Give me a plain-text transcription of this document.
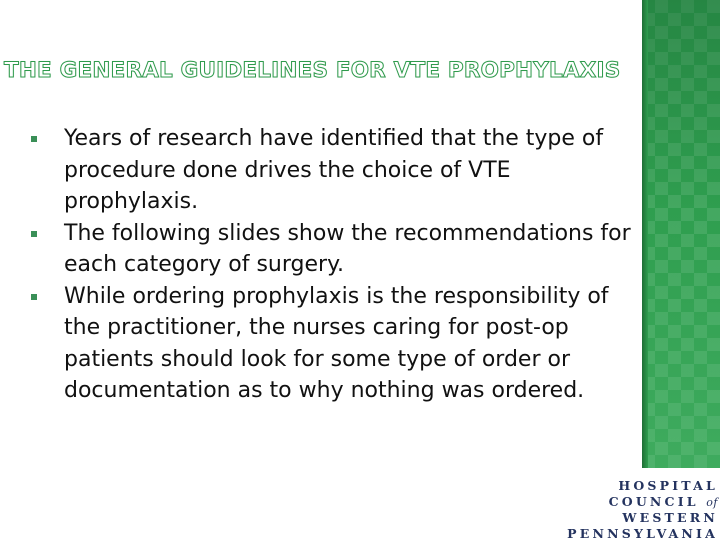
THE GENERAL GUIDELINES FOR VTE PROPHYLAXIS
Years of research have identified that the type of procedure done drives the choice of VTE prophylaxis.
The following slides show the recommendations for each category of surgery.
While ordering prophylaxis is the responsibility of the practitioner, the nurses caring for post-op patients should look for some type of order or documentation as to why nothing was ordered.
HOSPITAL
COUNCIL of
WESTERN
PENNSYLVANIA
